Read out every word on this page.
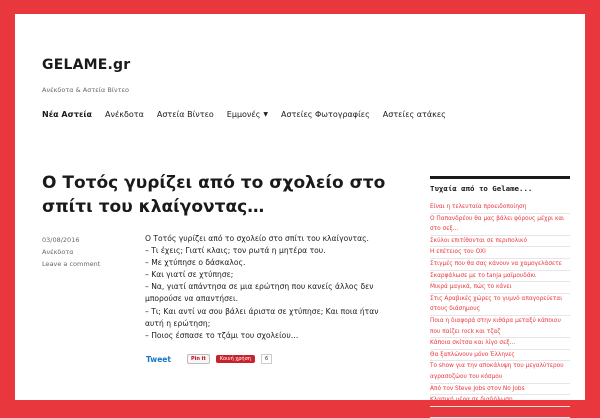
GELAME.gr
Ανέκδοτα & Αστεία Βίντεο
Νέα Αστεία Ανέκδοτα Αστεία Βίντεο Εμμονές ▼ Αστείες Φωτογραφίες Αστείες ατάκες
Ο Τοτός γυρίζει από το σχολείο στο σπίτι του κλαίγοντας…
03/08/2016
Ανέκδοτα
Leave a comment

Ο Τοτός γυρίζει από το σχολείο στο σπίτι του κλαίγοντας.

– Τι έχεις; Γιατί κλαις; τον ρωτά η μητέρα του.

– Με χτύπησε ο δάσκαλος.

– Και γιατί σε χτύπησε;

– Να, γιατί απάντησα σε μια ερώτηση που κανείς άλλος δεν μπορούσε να απαντήσει.

– Τι; Και αντί να σου βάλει άριστα σε χτύπησε; Και ποια ήταν αυτή η ερώτηση;

– Ποιος έσπασε το τζάμι του σχολείου…

Tweet	Pin it	Κοινή χρήση	6
Τυχαία από το Gelame...
Είναι η τελευταία προειδοποίηση
Ο Παπανδρέου θα μας βάλει φόρους μέχρι και στο σεξ…
Σκύλοι επιτίθονται σε περιπολικό
Η επέτειος του ΟΧΙ
Στιγμές που θα σας κάνουν να χαμογελάσετε
Σκαρφάλωσε με το tanja μαϊμουδάκι
Μικρά μαγικά, πώς το κάνει
Στις Αραβικές χώρες το γυμνό απαγορεύεται στους διάσημους
Ποια η διαφορά στην κιθάρα μεταξύ κάποιου που παίζει rock και τζαζ
Κάποια σκίτσα και λίγο σεξ…
Θα ξαπλώνουν μόνο Έλληνες
Το show για την αποκάλυψη του μεγαλύτερου αγρασοζώου του κόσμου
Από τον Steve Jobs στον No Jobs
Κλασική μέρα σε διαδήλωση
Πως ήταν το βράδυ σας; Κάνατε καλό σεξ;
